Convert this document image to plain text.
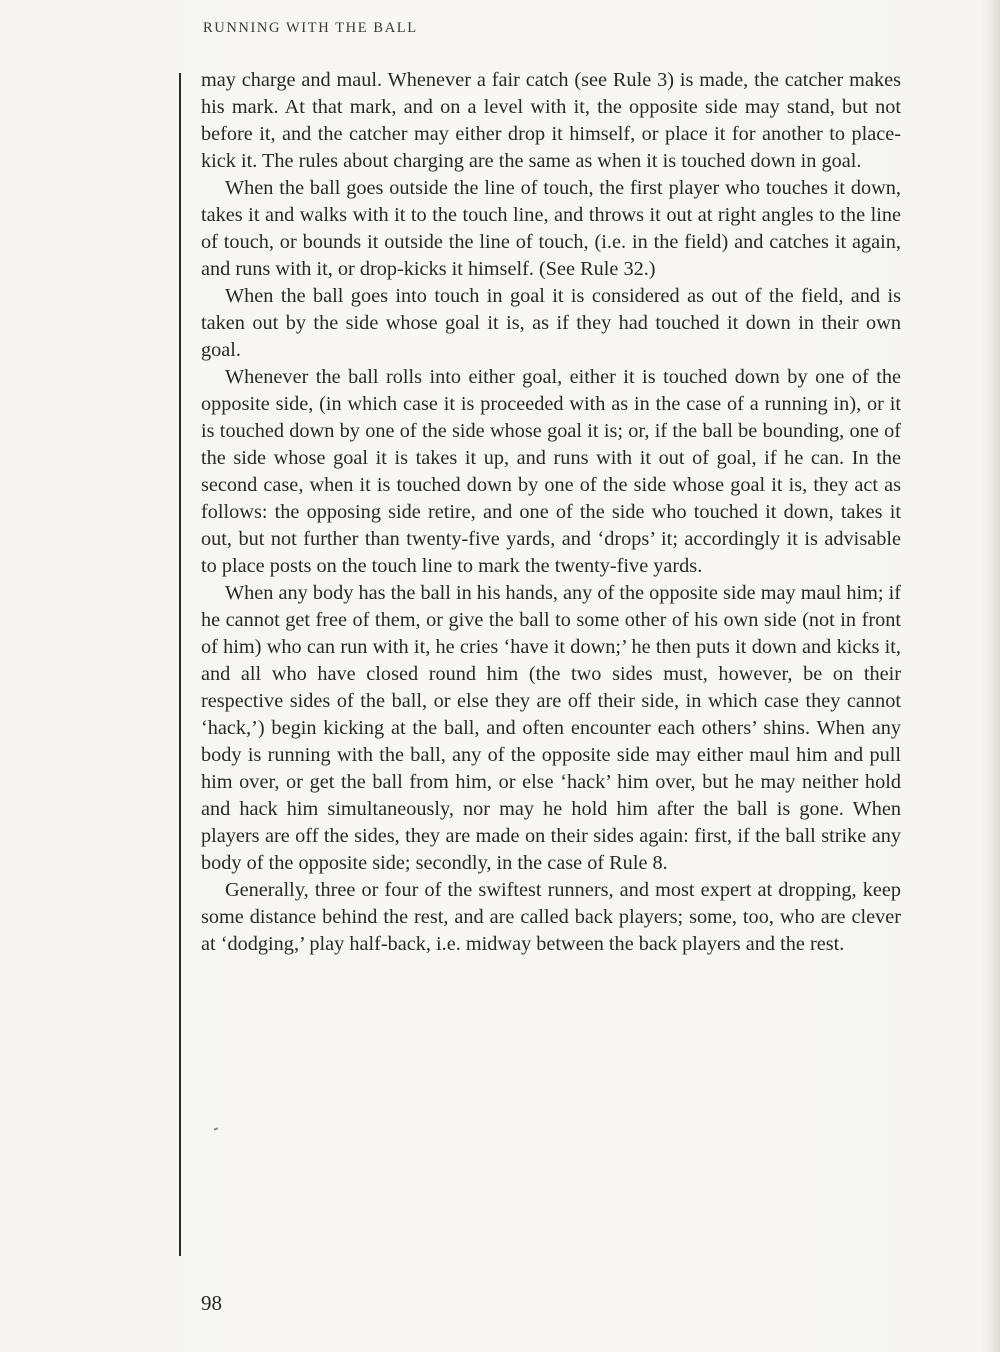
RUNNING WITH THE BALL

may charge and maul. Whenever a fair catch (see Rule 3) is made, the catcher makes his mark. At that mark, and on a level with it, the opposite side may stand, but not before it, and the catcher may either drop it himself, or place it for another to place-kick it. The rules about charging are the same as when it is touched down in goal.

When the ball goes outside the line of touch, the first player who touches it down, takes it and walks with it to the touch line, and throws it out at right angles to the line of touch, or bounds it outside the line of touch, (i.e. in the field) and catches it again, and runs with it, or drop-kicks it himself. (See Rule 32.)

When the ball goes into touch in goal it is considered as out of the field, and is taken out by the side whose goal it is, as if they had touched it down in their own goal.

Whenever the ball rolls into either goal, either it is touched down by one of the opposite side, (in which case it is proceeded with as in the case of a running in), or it is touched down by one of the side whose goal it is; or, if the ball be bounding, one of the side whose goal it is takes it up, and runs with it out of goal, if he can. In the second case, when it is touched down by one of the side whose goal it is, they act as follows: the opposing side retire, and one of the side who touched it down, takes it out, but not further than twenty-five yards, and ‘drops’ it; accordingly it is advisable to place posts on the touch line to mark the twenty-five yards.

When any body has the ball in his hands, any of the opposite side may maul him; if he cannot get free of them, or give the ball to some other of his own side (not in front of him) who can run with it, he cries ‘have it down;’ he then puts it down and kicks it, and all who have closed round him (the two sides must, however, be on their respective sides of the ball, or else they are off their side, in which case they cannot ‘hack,’) begin kicking at the ball, and often encounter each others’ shins. When any body is running with the ball, any of the opposite side may either maul him and pull him over, or get the ball from him, or else ‘hack’ him over, but he may neither hold and hack him simultaneously, nor may he hold him after the ball is gone. When players are off the sides, they are made on their sides again: first, if the ball strike any body of the opposite side; secondly, in the case of Rule 8.

Generally, three or four of the swiftest runners, and most expert at dropping, keep some distance behind the rest, and are called back players; some, too, who are clever at ‘dodging,’ play half-back, i.e. midway between the back players and the rest.

98
